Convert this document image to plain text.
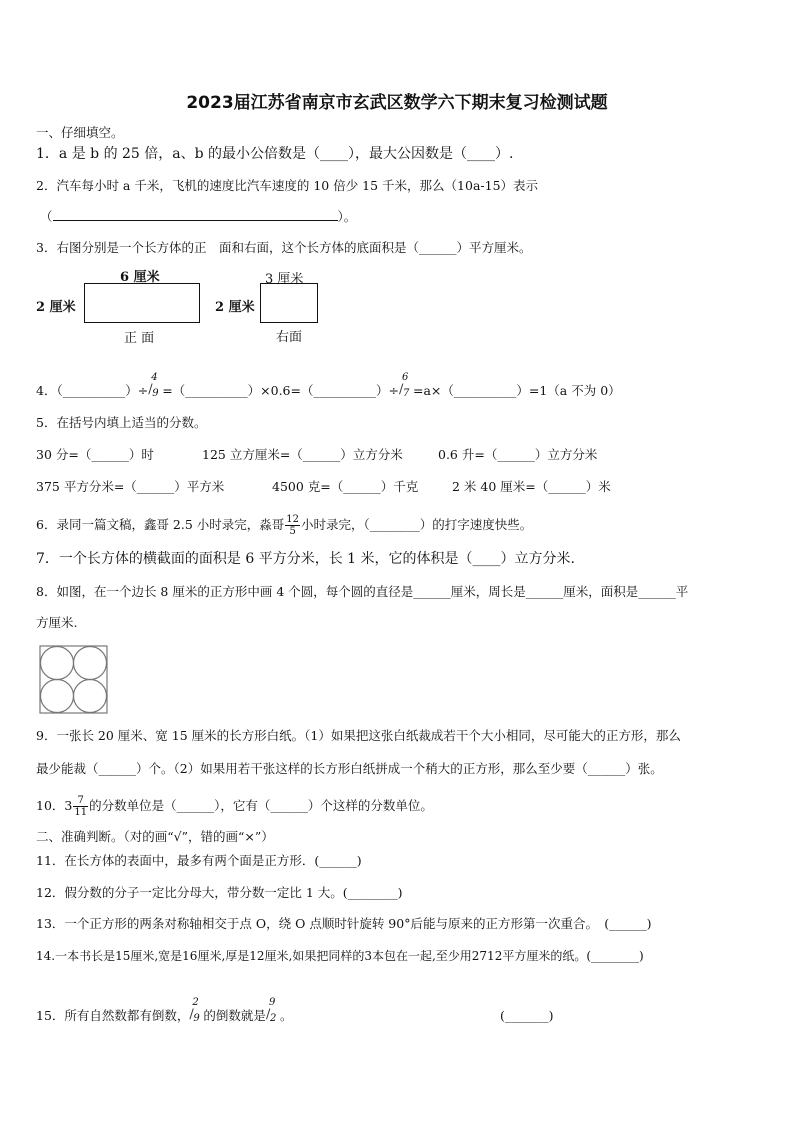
2023届江苏省南京市玄武区数学六下期末复习检测试题
一、仔细填空。
1．a 是 b 的 25 倍，a、b 的最小公倍数是（____），最大公因数是（____）.
2．汽车每小时 a 千米，飞机的速度比汽车速度的 10 倍少 15 千米，那么（10a-15）表示
（	）。
3．右图分别是一个长方体的正　面和右面，这个长方体的底面积是（______）平方厘米。
6 厘米
2 厘米
正 面
3 厘米
2 厘米
右面
4．（__________）÷
4
/ 9 =（__________）×0.6=（__________）÷
6
/ 7 =a×（__________）=1（a 不为 0）
5．在括号内填上适当的分数。
30 分=（______）时	125 立方厘米=（______）立方分米	0.6 升=（______）立方分米
375 平方分米=（______）平方米	4500 克=（______）千克	2 米 40 厘米=（______）米
6．录同一篇文稿，鑫哥 2.5 小时录完，淼哥 $\frac{12}{5}$ 小时录完，（________）的打字速度快些。
7．一个长方体的横截面的面积是 6 平方分米，长 1 米，它的体积是（____）立方分米.
8．如图，在一个边长 8 厘米的正方形中画 4 个圆，每个圆的直径是______厘米，周长是______厘米，面积是______平
方厘米.
9．一张长 20 厘米、宽 15 厘米的长方形白纸。（1）如果把这张白纸裁成若干个大小相同，尽可能大的正方形，那么
最少能裁（______）个。（2）如果用若干张这样的长方形白纸拼成一个稍大的正方形，那么至少要（______）张。
10．$3 \frac{7}{11}$ 的分数单位是（______），它有（______）个这样的分数单位。
二、准确判断。（对的画“√”，错的画“×”）
11．在长方体的表面中，最多有两个面是正方形．(______)
12．假分数的分子一定比分母大，带分数一定比 1 大。(________)
13．一个正方形的两条对称轴相交于点 O，绕 O 点顺时针旋转 90°后能与原来的正方形第一次重合。　(______)
14.一本书长是15厘米,宽是16厘米,厚是12厘米,如果把同样的3本包在一起,至少用2712平方厘米的纸。(________)
15．所有自然数都有倒数，
2
/ 9 的倒数就是
9
/ 2 。	(_______)
